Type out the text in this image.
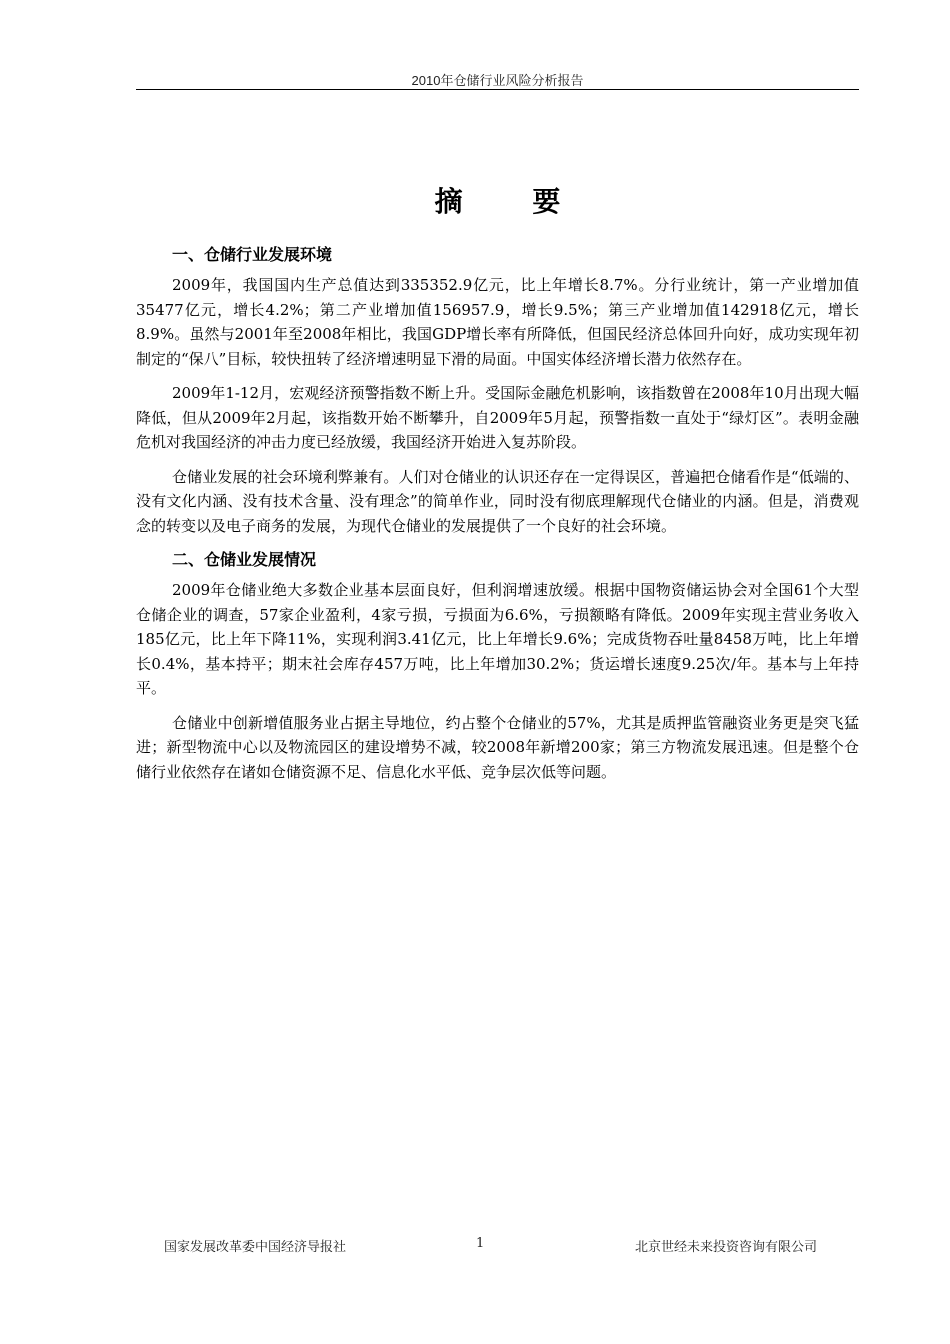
2010年仓储行业风险分析报告
摘 要
一、仓储行业发展环境

2009年，我国国内生产总值达到335352.9亿元，比上年增长8.7%。分行业统计，第一产业增加值35477亿元，增长4.2%；第二产业增加值156957.9，增长9.5%；第三产业增加值142918亿元，增长8.9%。虽然与2001年至2008年相比，我国GDP增长率有所降低，但国民经济总体回升向好，成功实现年初制定的“保八”目标，较快扭转了经济增速明显下滑的局面。中国实体经济增长潜力依然存在。

2009年1-12月，宏观经济预警指数不断上升。受国际金融危机影响，该指数曾在2008年10月出现大幅降低，但从2009年2月起，该指数开始不断攀升，自2009年5月起，预警指数一直处于“绿灯区”。表明金融危机对我国经济的冲击力度已经放缓，我国经济开始进入复苏阶段。

仓储业发展的社会环境利弊兼有。人们对仓储业的认识还存在一定得误区，普遍把仓储看作是“低端的、没有文化内涵、没有技术含量、没有理念”的简单作业，同时没有彻底理解现代仓储业的内涵。但是，消费观念的转变以及电子商务的发展，为现代仓储业的发展提供了一个良好的社会环境。

二、仓储业发展情况

2009年仓储业绝大多数企业基本层面良好，但利润增速放缓。根据中国物资储运协会对全国61个大型仓储企业的调查，57家企业盈利，4家亏损，亏损面为6.6%，亏损额略有降低。2009年实现主营业务收入185亿元，比上年下降11%，实现利润3.41亿元，比上年增长9.6%；完成货物吞吐量8458万吨，比上年增长0.4%，基本持平；期末社会库存457万吨，比上年增加30.2%；货运增长速度9.25次/年。基本与上年持平。

仓储业中创新增值服务业占据主导地位，约占整个仓储业的57%，尤其是质押监管融资业务更是突飞猛进；新型物流中心以及物流园区的建设增势不减，较2008年新增200家；第三方物流发展迅速。但是整个仓储行业依然存在诸如仓储资源不足、信息化水平低、竞争层次低等问题。

国家发展改革委中国经济导报社	1	北京世经未来投资咨询有限公司
